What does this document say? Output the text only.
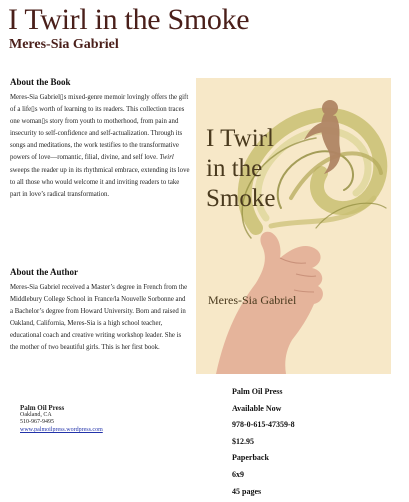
I Twirl in the Smoke
Meres-Sia Gabriel

About the Book

Meres-Sia Gabriel▯s mixed-genre memoir lovingly offers the gift of a life▯s worth of learning to its readers. This collection traces one woman▯s story from youth to motherhood, from pain and insecurity to self-confidence and self-actualization. Through its songs and meditations, the work testifies to the transformative powers of love—romantic, filial, divine, and self love. Twirl sweeps the reader up in its rhythmical embrace, extending its love to all those who would welcome it and inviting readers to take part in love’s radical transformation.

About the Author

Meres-Sia Gabriel received a Master’s degree in French from the Middlebury College School in France/la Nouvelle Sorbonne and a Bachelor’s degree from Howard University. Born and raised in Oakland, California, Meres-Sia is a high school teacher, educational coach and creative writing workshop leader. She is the mother of two beautiful girls. This is her first book.

Palm Oil Press
Oakland, CA
510-967-9495
www.palmoilpress.wordpress.com
I Twirl
in the
Smoke

Meres-Sia Gabriel

Palm Oil Press
Available Now
978-0-615-47359-8
$12.95
Paperback
6x9
45 pages
